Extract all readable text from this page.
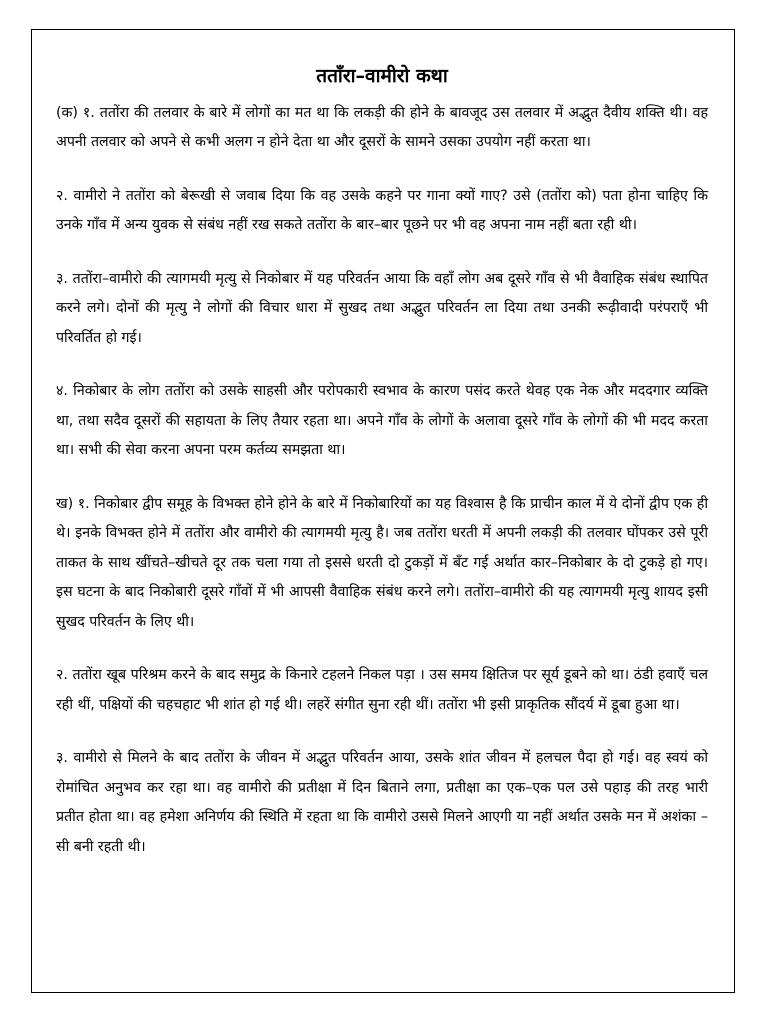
तताँरा–वामीरो कथा

(क) १. ततोंरा की तलवार के बारे में लोगों का मत था कि लकड़ी की होने के बावजूद उस तलवार में अद्भुत दैवीय शक्ति थी। वह अपनी तलवार को अपने से कभी अलग न होने देता था और दूसरों के सामने उसका उपयोग नहीं करता था।

२. वामीरो ने ततोंरा को बेरूखी से जवाब दिया कि वह उसके कहने पर गाना क्यों गाए? उसे (ततोंरा को) पता होना चाहिए कि उनके गाँव में अन्य युवक से संबंध नहीं रख सकते ततोंरा के बार–बार पूछने पर भी वह अपना नाम नहीं बता रही थी।

३. ततोंरा–वामीरो की त्यागमयी मृत्यु से निकोबार में यह परिवर्तन आया कि वहाँ लोग अब दूसरे गाँव से भी वैवाहिक संबंध स्थापित करने लगे। दोनों की मृत्यु ने लोगों की विचार धारा में सुखद तथा अद्भुत परिवर्तन ला दिया तथा उनकी रूढ़ीवादी परंपराएँ भी परिवर्तित हो गई।

४. निकोबार के लोग ततोंरा को उसके साहसी और परोपकारी स्वभाव के कारण पसंद करते थेवह एक नेक और मददगार व्यक्ति था, तथा सदैव दूसरों की सहायता के लिए तैयार रहता था। अपने गाँव के लोगों के अलावा दूसरे गाँव के लोगों की भी मदद करता था। सभी की सेवा करना अपना परम कर्तव्य समझता था।

ख) १. निकोबार द्वीप समूह के विभक्त होने होने के बारे में निकोबारियों का यह विश्वास है कि प्राचीन काल में ये दोनों द्वीप एक ही थे। इनके विभक्त होने में ततोंरा और वामीरो की त्यागमयी मृत्यु है। जब ततोंरा धरती में अपनी लकड़ी की तलवार घोंपकर उसे पूरी ताकत के साथ खींचते–खीचते दूर तक चला गया तो इससे धरती दो टुकड़ों में बँट गई अर्थात कार–निकोबार के दो टुकड़े हो गए। इस घटना के बाद निकोबारी दूसरे गाँवों में भी आपसी वैवाहिक संबंध करने लगे। ततोंरा–वामीरो की यह त्यागमयी मृत्यु शायद इसी सुखद परिवर्तन के लिए थी।

२. ततोंरा खूब परिश्रम करने के बाद समुद्र के किनारे टहलने निकल पड़ा । उस समय क्षितिज पर सूर्य डूबने को था। ठंडी हवाएँ चल रही थीं, पक्षियों की चहचहाट भी शांत हो गई थी। लहरें संगीत सुना रही थीं। ततोंरा भी इसी प्राकृतिक सौंदर्य में डूबा हुआ था।

३. वामीरो से मिलने के बाद ततोंरा के जीवन में अद्भुत परिवर्तन आया, उसके शांत जीवन में हलचल पैदा हो गई। वह स्वयं को रोमांचित अनुभव कर रहा था। वह वामीरो की प्रतीक्षा में दिन बिताने लगा, प्रतीक्षा का एक–एक पल उसे पहाड़ की तरह भारी प्रतीत होता था। वह हमेशा अनिर्णय की स्थिति में रहता था कि वामीरो उससे मिलने आएगी या नहीं अर्थात उसके मन में अशंका –सी बनी रहती थी।
